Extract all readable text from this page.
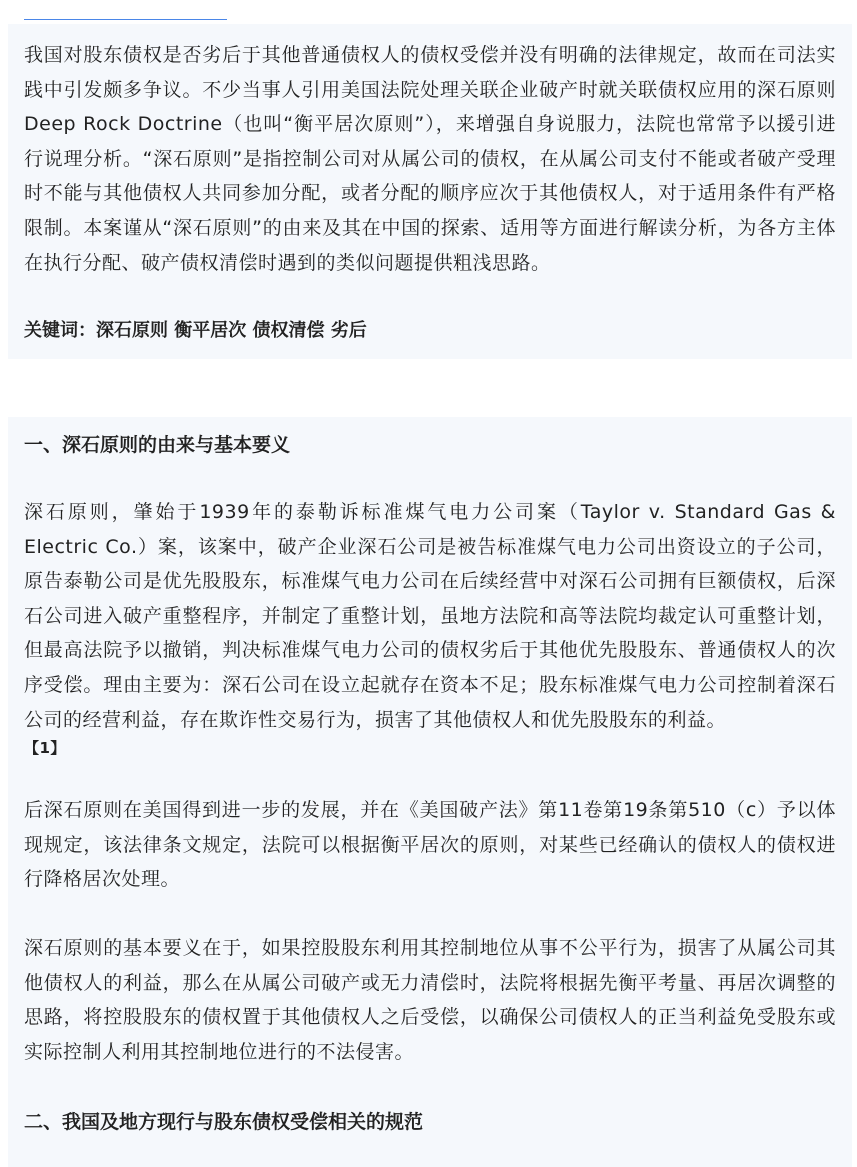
我国对股东债权是否劣后于其他普通债权人的债权受偿并没有明确的法律规定，故而在司法实践中引发颇多争议。不少当事人引用美国法院处理关联企业破产时就关联债权应用的深石原则Deep Rock Doctrine（也叫“衡平居次原则”），来增强自身说服力，法院也常常予以援引进行说理分析。“深石原则”是指控制公司对从属公司的债权，在从属公司支付不能或者破产受理时不能与其他债权人共同参加分配，或者分配的顺序应次于其他债权人，对于适用条件有严格限制。本案谨从“深石原则”的由来及其在中国的探索、适用等方面进行解读分析，为各方主体在执行分配、破产债权清偿时遇到的类似问题提供粗浅思路。

关键词：深石原则 衡平居次 债权清偿 劣后

一、深石原则的由来与基本要义

深石原则，肇始于1939年的泰勒诉标准煤气电力公司案（Taylor v. Standard Gas & Electric Co.）案，该案中，破产企业深石公司是被告标准煤气电力公司出资设立的子公司，原告泰勒公司是优先股股东，标准煤气电力公司在后续经营中对深石公司拥有巨额债权，后深石公司进入破产重整程序，并制定了重整计划，虽地方法院和高等法院均裁定认可重整计划，但最高法院予以撤销，判决标准煤气电力公司的债权劣后于其他优先股股东、普通债权人的次序受偿。理由主要为：深石公司在设立起就存在资本不足；股东标准煤气电力公司控制着深石公司的经营利益，存在欺诈性交易行为，损害了其他债权人和优先股股东的利益。
【1】

后深石原则在美国得到进一步的发展，并在《美国破产法》第11卷第19条第510（c）予以体现规定，该法律条文规定，法院可以根据衡平居次的原则，对某些已经确认的债权人的债权进行降格居次处理。

深石原则的基本要义在于，如果控股股东利用其控制地位从事不公平行为，损害了从属公司其他债权人的利益，那么在从属公司破产或无力清偿时，法院将根据先衡平考量、再居次调整的思路，将控股股东的债权置于其他债权人之后受偿，以确保公司债权人的正当利益免受股东或实际控制人利用其控制地位进行的不法侵害。

二、我国及地方现行与股东债权受偿相关的规范
